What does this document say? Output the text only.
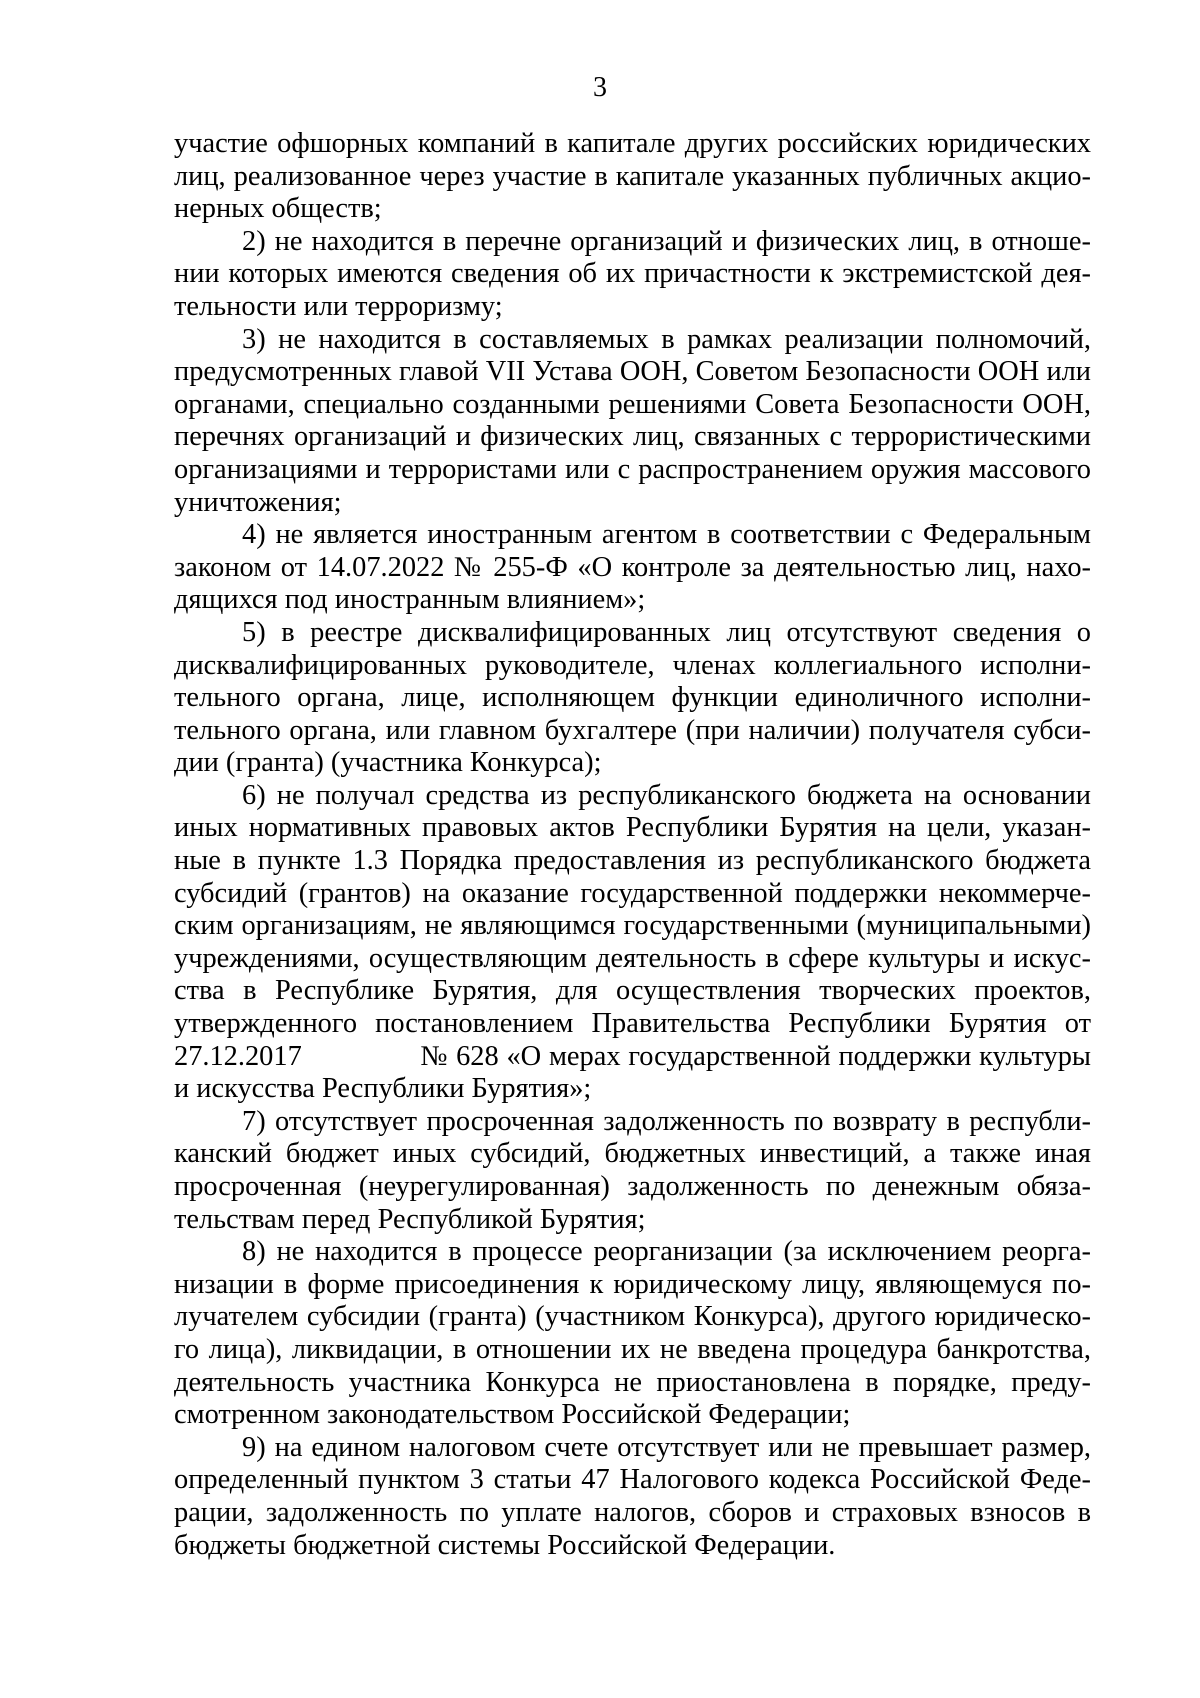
3

участие офшорных компаний в капитале других российских юридических лиц, реализованное через участие в капитале указанных публичных акционерных обществ;

2) не находится в перечне организаций и физических лиц, в отношении которых имеются сведения об их причастности к экстремистской деятельности или терроризму;

3) не находится в составляемых в рамках реализации полномочий, предусмотренных главой VII Устава ООН, Советом Безопасности ООН или органами, специально созданными решениями Совета Безопасности ООН, перечнях организаций и физических лиц, связанных с террористическими организациями и террористами или с распространением оружия массового уничтожения;

4) не является иностранным агентом в соответствии с Федеральным законом от 14.07.2022 № 255-Ф «О контроле за деятельностью лиц, находящихся под иностранным влиянием»;

5) в реестре дисквалифицированных лиц отсутствуют сведения о дисквалифицированных руководителе, членах коллегиального исполнительного органа, лице, исполняющем функции единоличного исполнительного органа, или главном бухгалтере (при наличии) получателя субсидии (гранта) (участника Конкурса);

6) не получал средства из республиканского бюджета на основании иных нормативных правовых актов Республики Бурятия на цели, указанные в пункте 1.3 Порядка предоставления из республиканского бюджета субсидий (грантов) на оказание государственной поддержки некоммерческим организациям, не являющимся государственными (муниципальными) учреждениями, осуществляющим деятельность в сфере культуры и искусства в Республике Бурятия, для осуществления творческих проектов, утвержденного постановлением Правительства Республики Бурятия от 27.12.2017	№ 628 «О мерах государственной поддержки культуры и искусства Республики Бурятия»;

7) отсутствует просроченная задолженность по возврату в республиканский бюджет иных субсидий, бюджетных инвестиций, а также иная просроченная (неурегулированная) задолженность по денежным обязательствам перед Республикой Бурятия;

8) не находится в процессе реорганизации (за исключением реорганизации в форме присоединения к юридическому лицу, являющемуся получателем субсидии (гранта) (участником Конкурса), другого юридического лица), ликвидации, в отношении их не введена процедура банкротства, деятельность участника Конкурса не приостановлена в порядке, предусмотренном законодательством Российской Федерации;

9) на едином налоговом счете отсутствует или не превышает размер, определенный пунктом 3 статьи 47 Налогового кодекса Российской Федерации, задолженность по уплате налогов, сборов и страховых взносов в бюджеты бюджетной системы Российской Федерации.
